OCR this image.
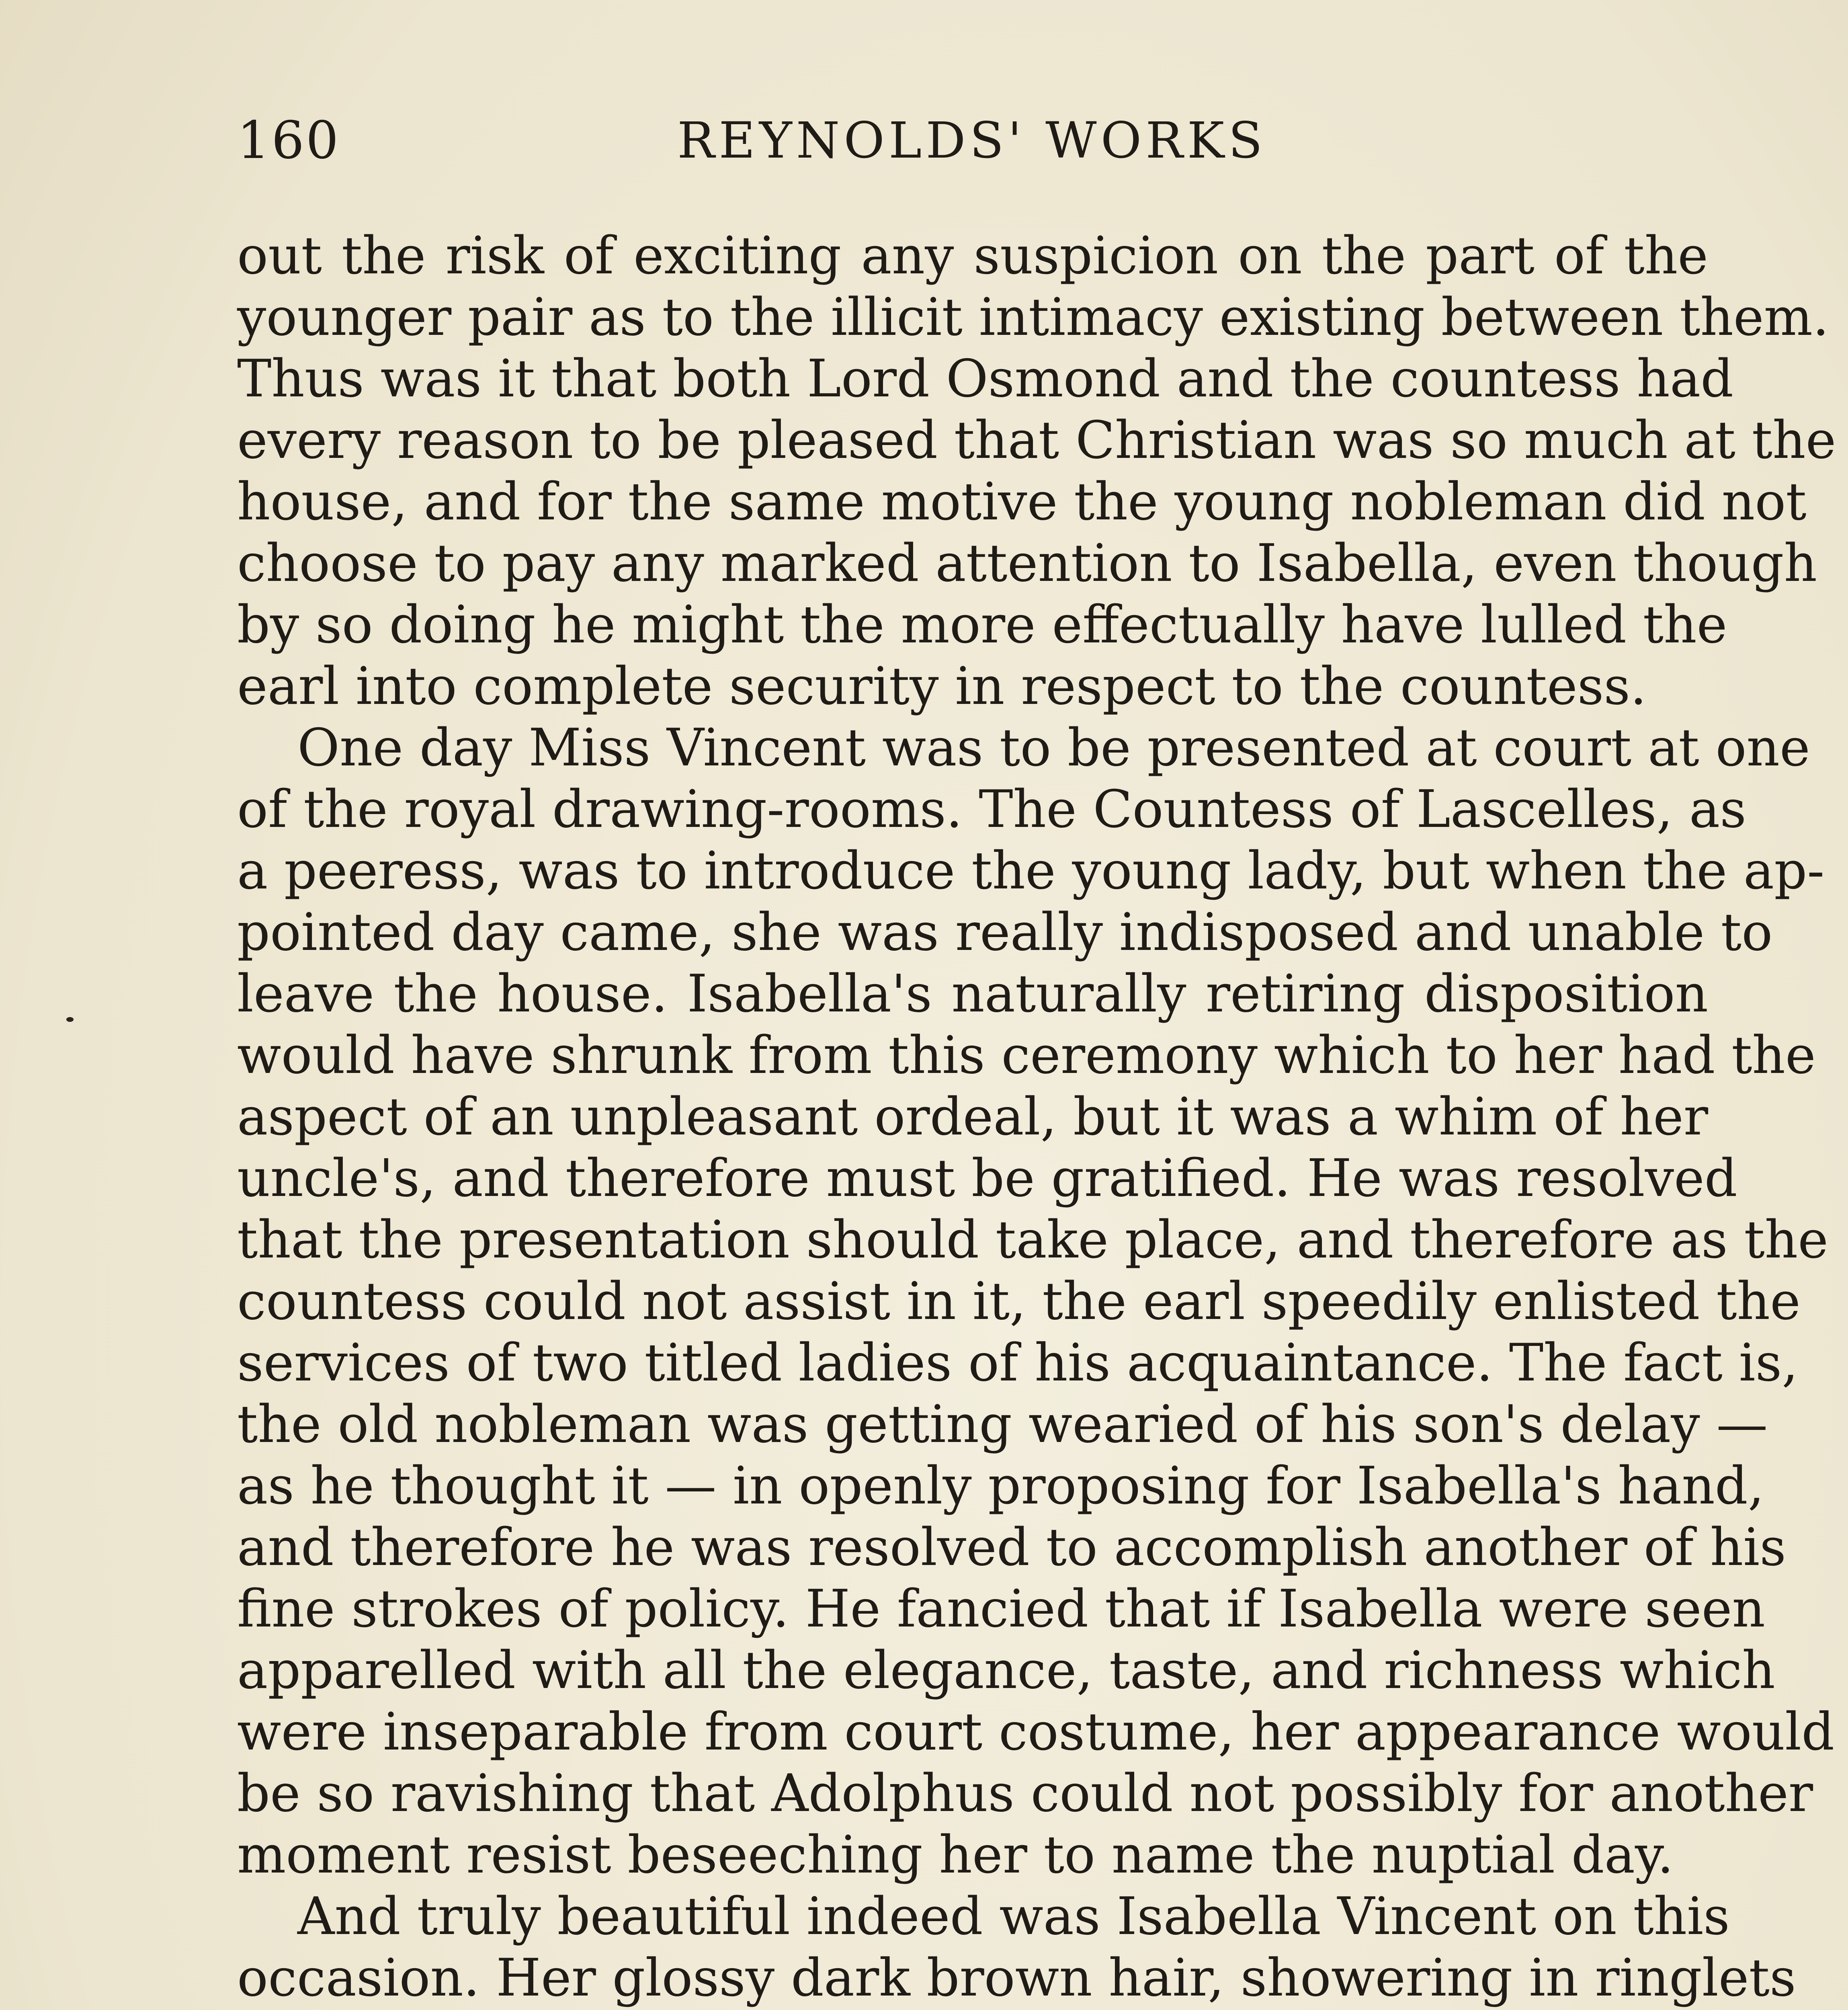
160	REYNOLDS' WORKS
out the risk of exciting any suspicion on the part of the
younger pair as to the illicit intimacy existing between them.
Thus was it that both Lord Osmond and the countess had
every reason to be pleased that Christian was so much at the
house, and for the same motive the young nobleman did not
choose to pay any marked attention to Isabella, even though
by so doing he might the more effectually have lulled the
earl into complete security in respect to the countess.
One day Miss Vincent was to be presented at court at one
of the royal drawing-rooms. The Countess of Lascelles, as
a peeress, was to introduce the young lady, but when the ap-
pointed day came, she was really indisposed and unable to
leave the house. Isabella's naturally retiring disposition
would have shrunk from this ceremony which to her had the
aspect of an unpleasant ordeal, but it was a whim of her
uncle's, and therefore must be gratified. He was resolved
that the presentation should take place, and therefore as the
countess could not assist in it, the earl speedily enlisted the
services of two titled ladies of his acquaintance. The fact is,
the old nobleman was getting wearied of his son's delay —
as he thought it — in openly proposing for Isabella's hand,
and therefore he was resolved to accomplish another of his
fine strokes of policy. He fancied that if Isabella were seen
apparelled with all the elegance, taste, and richness which
were inseparable from court costume, her appearance would
be so ravishing that Adolphus could not possibly for another
moment resist beseeching her to name the nuptial day.
And truly beautiful indeed was Isabella Vincent on this
occasion. Her glossy dark brown hair, showering in ringlets
